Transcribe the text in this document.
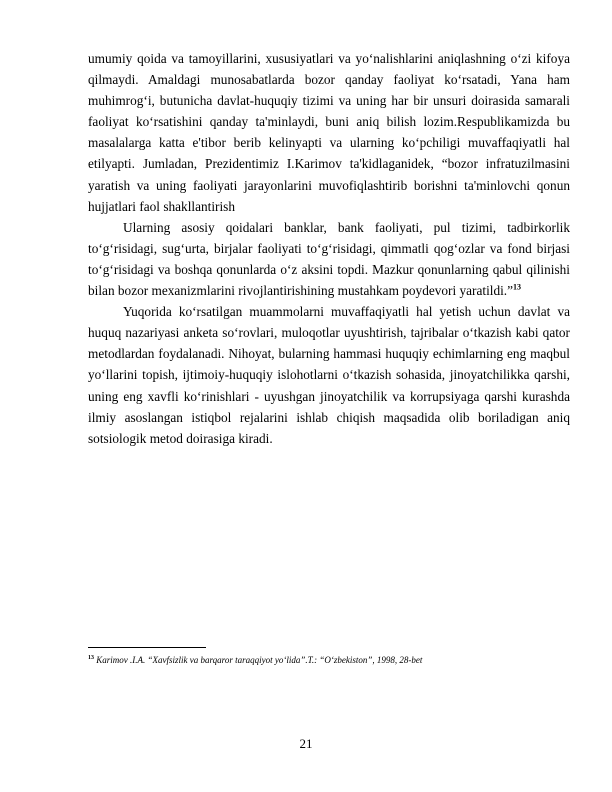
umumiy qoida va tamoyillarini, xususiyatlari va yo‘nalishlarini aniqlashning o‘zi kifoya qilmaydi. Amaldagi munosabatlarda bozor qanday faoliyat ko‘rsatadi, Yana ham muhimrog‘i, butunicha davlat-huquqiy tizimi va uning har bir unsuri doirasida samarali faoliyat ko‘rsatishini qanday ta'minlaydi, buni aniq bilish lozim.Respublikamizda bu masalalarga katta e'tibor berib kelinyapti va ularning ko‘pchiligi muvaffaqiyatli hal etilyapti. Jumladan, Prezidentimiz I.Karimov ta'kidlaganidek, “bozor infratuzilmasini yaratish va uning faoliyati jarayonlarini muvofiqlashtirib borishni ta'minlovchi qonun hujjatlari faol shakllantirish

Ularning asosiy qoidalari banklar, bank faoliyati, pul tizimi, tadbirkorlik to‘g‘risidagi, sug‘urta, birjalar faoliyati to‘g‘risidagi, qimmatli qog‘ozlar va fond birjasi to‘g‘risidagi va boshqa qonunlarda o‘z aksini topdi. Mazkur qonunlarning qabul qilinishi bilan bozor mexanizmlarini rivojlantirishining mustahkam poydevori yaratildi.”$^{13}$

Yuqorida ko‘rsatilgan muammolarni muvaffaqiyatli hal yetish uchun davlat va huquq nazariyasi anketa so‘rovlari, muloqotlar uyushtirish, tajribalar o‘tkazish kabi qator metodlardan foydalanadi. Nihoyat, bularning hammasi huquqiy echimlarning eng maqbul yo‘llarini topish, ijtimoiy-huquqiy islohotlarni o‘tkazish sohasida, jinoyatchilikka qarshi, uning eng xavfli ko‘rinishlari - uyushgan jinoyatchilik va korrupsiyaga qarshi kurashda ilmiy asoslangan istiqbol rejalarini ishlab chiqish maqsadida olib boriladigan aniq sotsiologik metod doirasiga kiradi.

$^{13}$ Karimov .I.A. “Xavfsizlik va barqaror taraqqiyot yo‘lida”.T.: “O‘zbekiston”, 1998, 28-bet
21
